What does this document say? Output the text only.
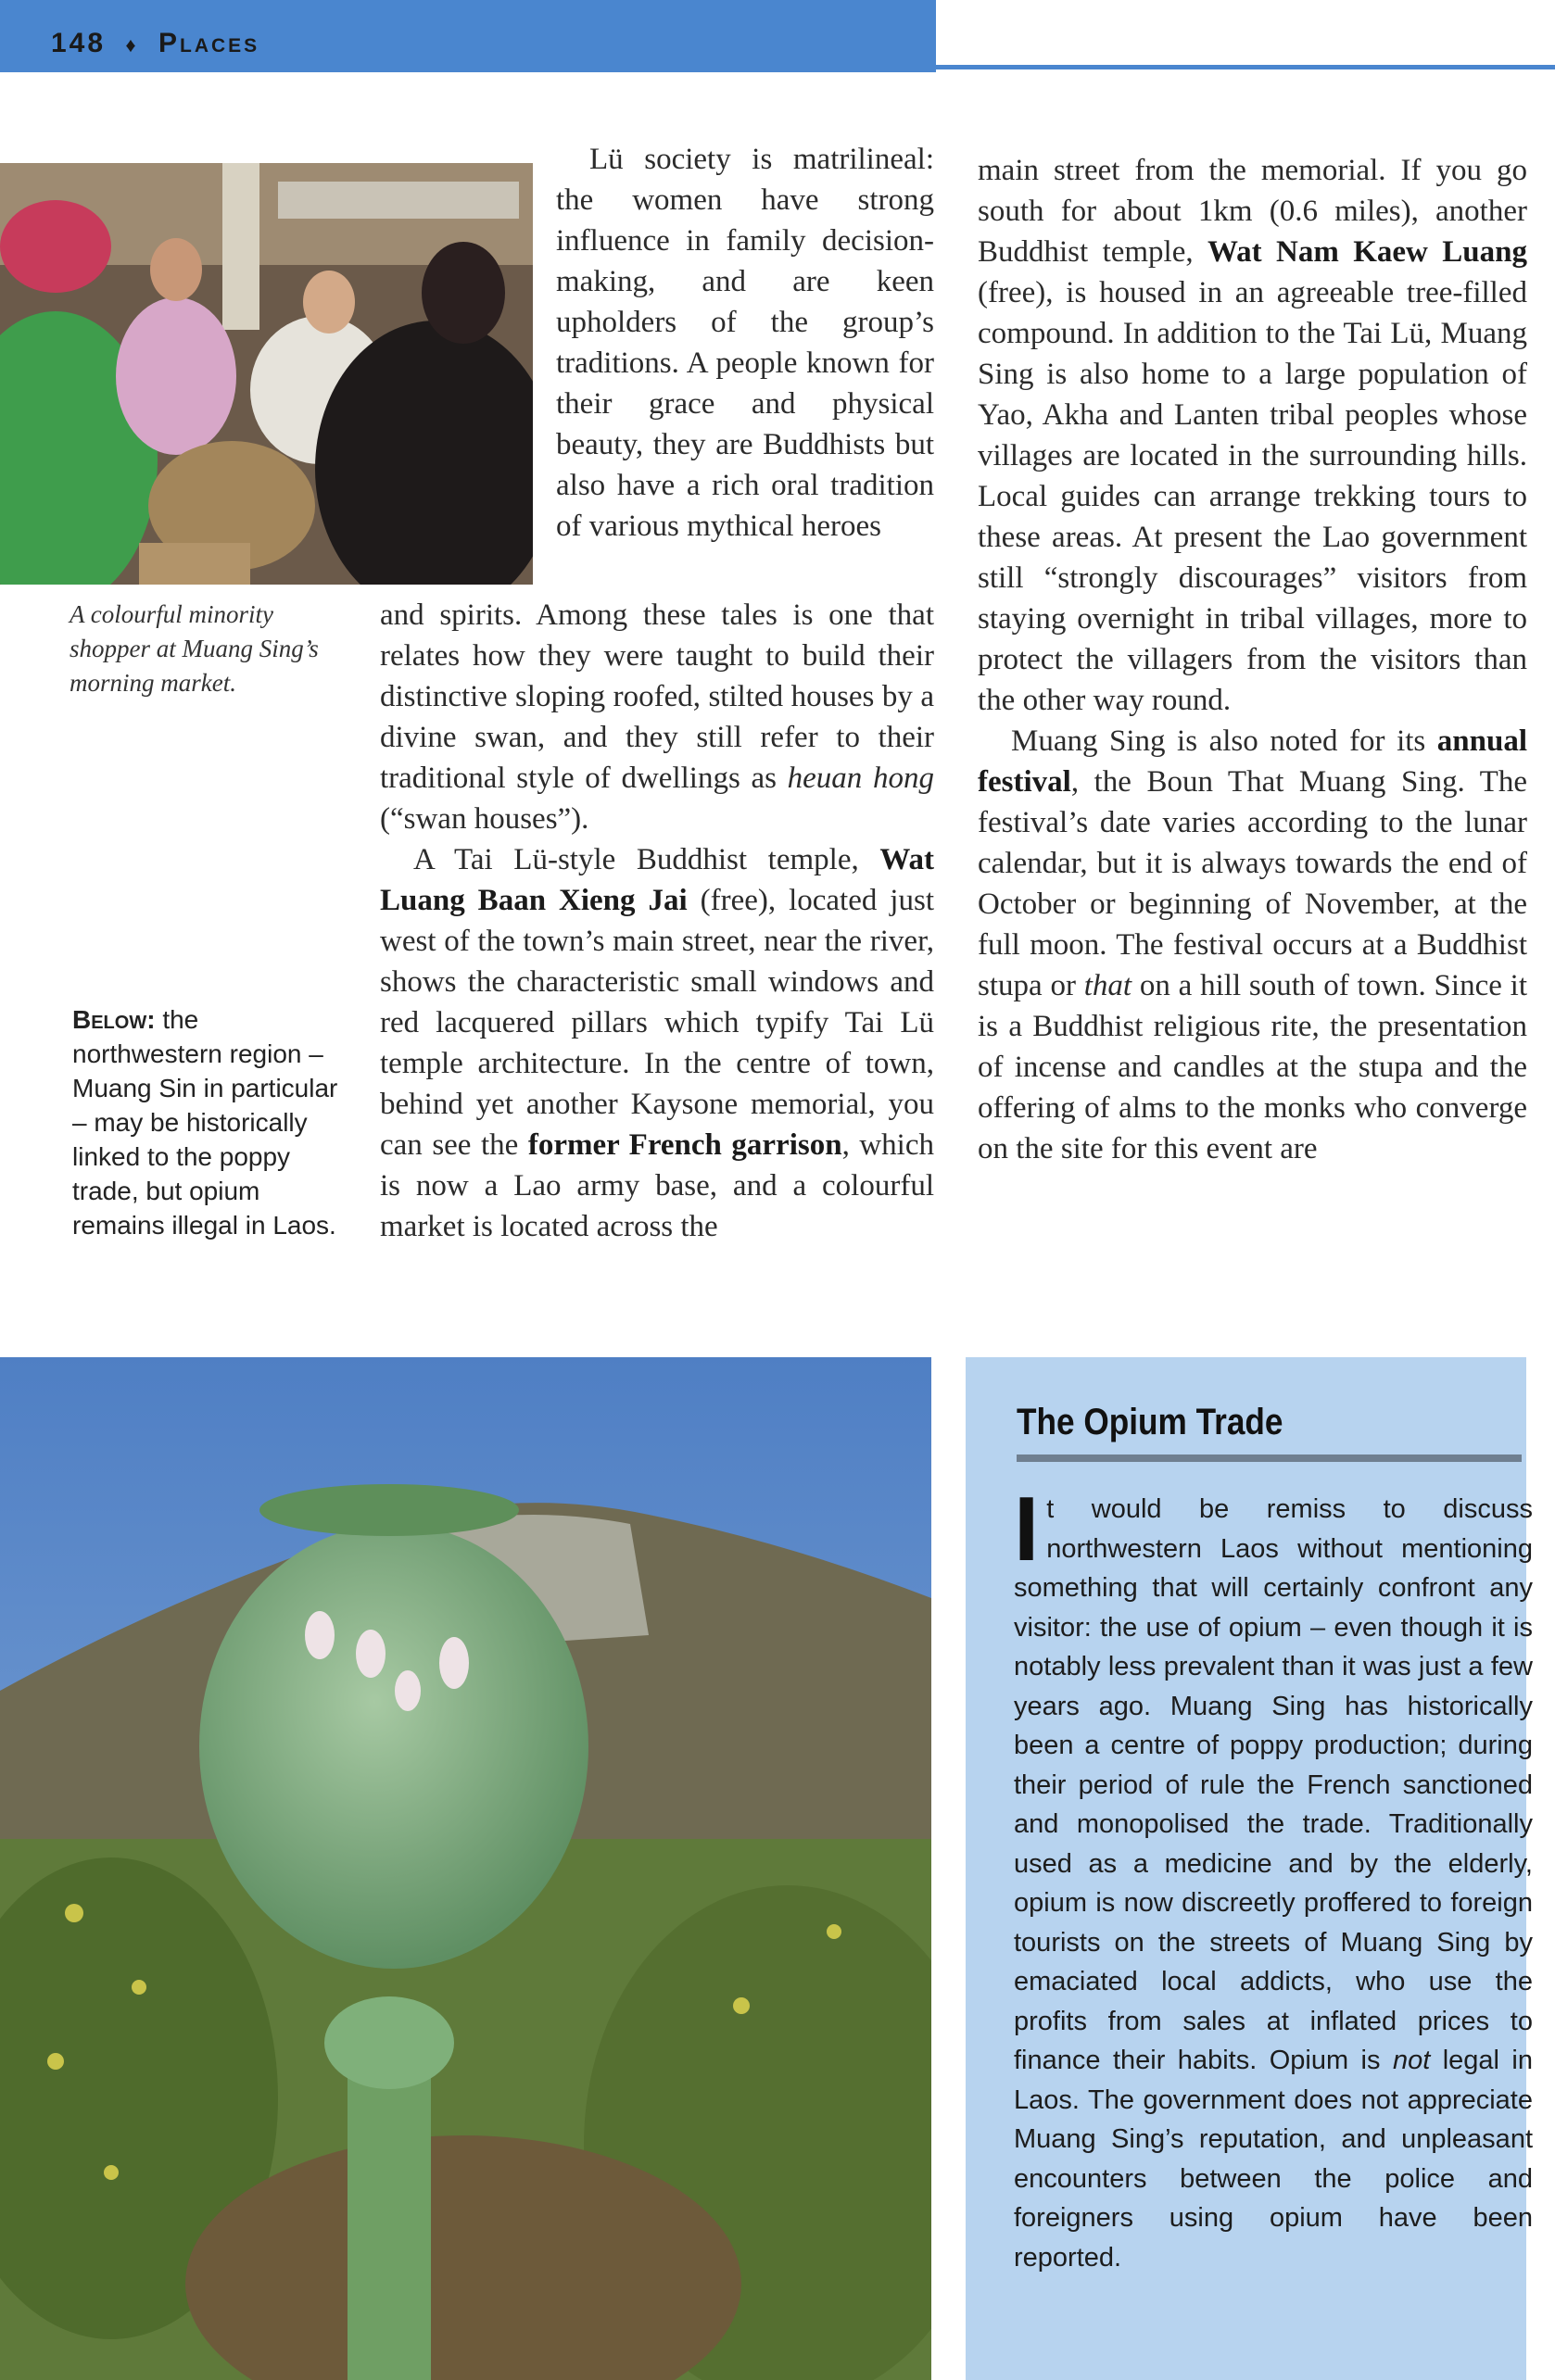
148 ♦ Places
A colourful minority shopper at Muang Sing’s morning market.
Below: the northwestern region – Muang Sin in particular – may be historically linked to the poppy trade, but opium remains illegal in Laos.

Lü society is matrilineal: the women have strong influence in family decision-making, and are keen upholders of the group’s traditions. A people known for their grace and physical beauty, they are Buddhists but also have a rich oral tradition of various mythical heroes

and spirits. Among these tales is one that relates how they were taught to build their distinctive sloping roofed, stilted houses by a divine swan, and they still refer to their traditional style of dwellings as heuan hong (“swan houses”).

A Tai Lü-style Buddhist temple, Wat Luang Baan Xieng Jai (free), located just west of the town’s main street, near the river, shows the characteristic small windows and red lacquered pillars which typify Tai Lü temple architecture. In the centre of town, behind yet another Kaysone memorial, you can see the former French garrison, which is now a Lao army base, and a colourful market is located across the

main street from the memorial. If you go south for about 1km (0.6 miles), another Buddhist temple, Wat Nam Kaew Luang (free), is housed in an agreeable tree-filled compound. In addition to the Tai Lü, Muang Sing is also home to a large population of Yao, Akha and Lanten tribal peoples whose villages are located in the surrounding hills. Local guides can arrange trekking tours to these areas. At present the Lao government still “strongly discourages” visitors from staying overnight in tribal villages, more to protect the villagers from the visitors than the other way round.

Muang Sing is also noted for its annual festival, the Boun That Muang Sing. The festival’s date varies according to the lunar calendar, but it is always towards the end of October or beginning of November, at the full moon. The festival occurs at a Buddhist stupa or that on a hill south of town. Since it is a Buddhist religious rite, the presentation of incense and candles at the stupa and the offering of alms to the monks who converge on the site for this event are

The Opium Trade
It would be remiss to discuss northwestern Laos without mentioning something that will certainly confront any visitor: the use of opium – even though it is notably less prevalent than it was just a few years ago. Muang Sing has historically been a centre of poppy production; during their period of rule the French sanctioned and monopolised the trade. Traditionally used as a medicine and by the elderly, opium is now discreetly proffered to foreign tourists on the streets of Muang Sing by emaciated local addicts, who use the profits from sales at inflated prices to finance their habits. Opium is not legal in Laos. The government does not appreciate Muang Sing’s reputation, and unpleasant encounters between the police and foreigners using opium have been reported.
